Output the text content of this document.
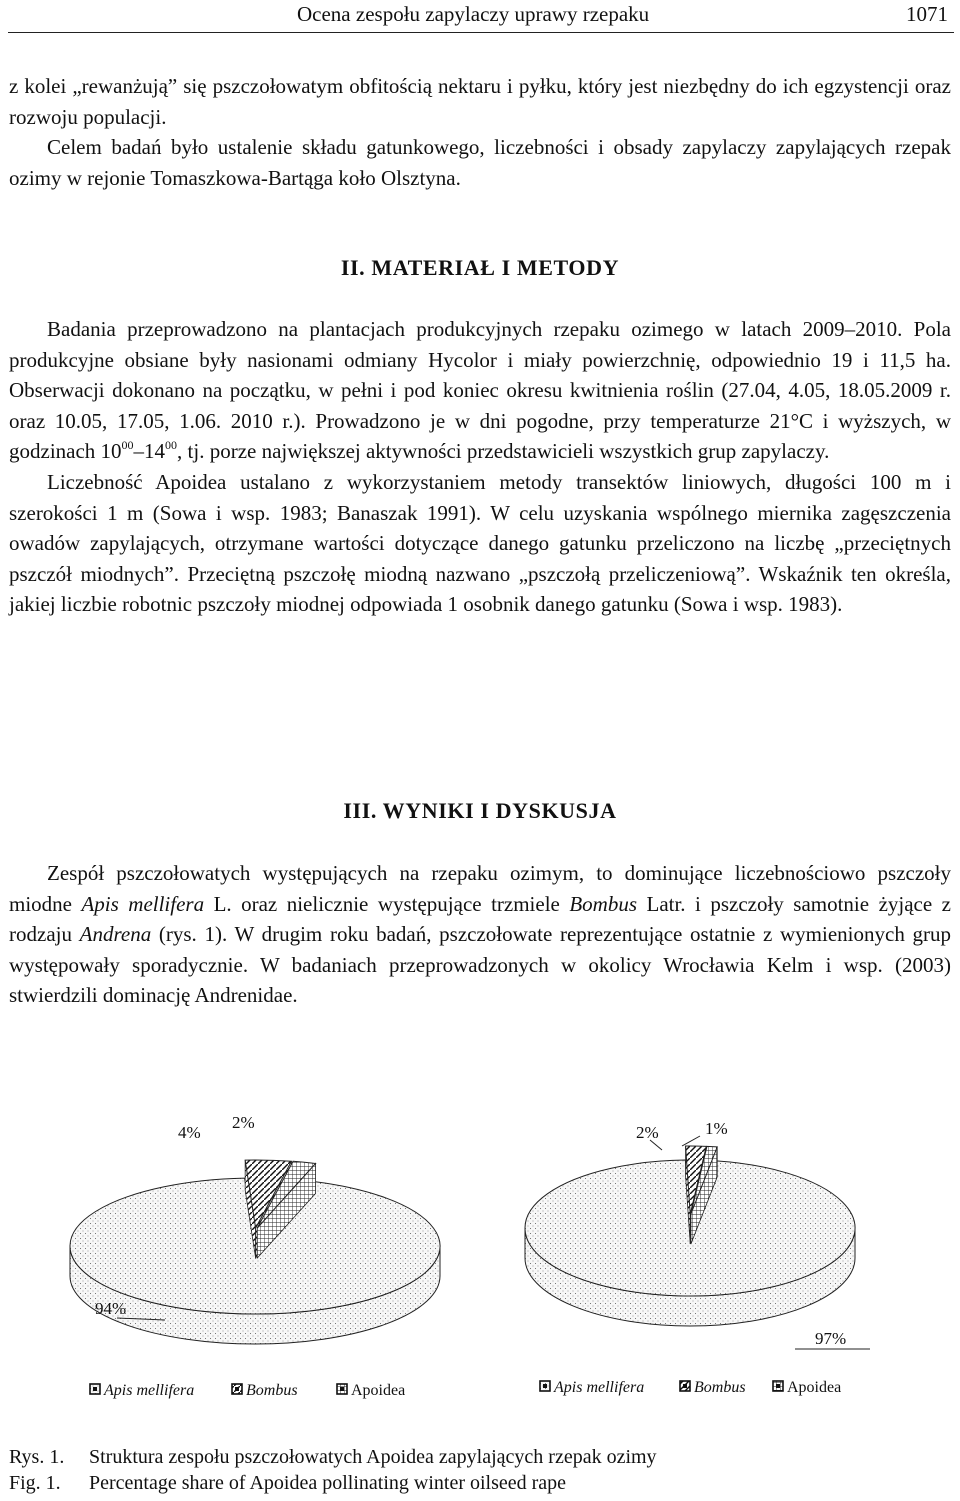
Ocena zespołu zapylaczy uprawy rzepaku	1071

z kolei „rewanżują” się pszczołowatym obfitością nektaru i pyłku, który jest niezbędny do ich egzystencji oraz rozwoju populacji.

Celem badań było ustalenie składu gatunkowego, liczebności i obsady zapylaczy zapylających rzepak ozimy w rejonie Tomaszkowa-Bartąga koło Olsztyna.

II. MATERIAŁ I METODY

Badania przeprowadzono na plantacjach produkcyjnych rzepaku ozimego w latach 2009–2010. Pola produkcyjne obsiane były nasionami odmiany Hycolor i miały powierzchnię, odpowiednio 19 i 11,5 ha. Obserwacji dokonano na początku, w pełni i pod koniec okresu kwitnienia roślin (27.04, 4.05, 18.05.2009 r. oraz 10.05, 17.05, 1.06. 2010 r.). Prowadzono je w dni pogodne, przy temperaturze 21°C i wyższych, w godzinach $10^{00}-14^{00}$, tj. porze największej aktywności przedstawicieli wszystkich grup zapylaczy.

Liczebność Apoidea ustalano z wykorzystaniem metody transektów liniowych, długości 100 m i szerokości 1 m (Sowa i wsp. 1983; Banaszak 1991). W celu uzyskania wspólnego miernika zagęszczenia owadów zapylających, otrzymane wartości dotyczące danego gatunku przeliczono na liczbę „przeciętnych pszczół miodnych”. Przeciętną pszczołę miodną nazwano „pszczołą przeliczeniową”. Wskaźnik ten określa, jakiej liczbie robotnic pszczoły miodnej odpowiada 1 osobnik danego gatunku (Sowa i wsp. 1983).

III. WYNIKI I DYSKUSJA

Zespół pszczołowatych występujących na rzepaku ozimym, to dominujące liczebnościowo pszczoły miodne Apis mellifera L. oraz nielicznie występujące trzmiele Bombus Latr. i pszczoły samotnie żyjące z rodzaju Andrena (rys. 1). W drugim roku badań, pszczołowate reprezentujące ostatnie z wymienionych grup występowały sporadycznie. W badaniach przeprowadzonych w okolicy Wrocławia Kelm i wsp. (2003) stwierdzili dominację Andrenidae.

94%
4%
2%
97%
2%	1%
Apis mellifera	Bombus	Apoidea	Apis mellifera	Bombus	Apoidea
Rys. 1. Struktura zespołu pszczołowatych Apoidea zapylających rzepak ozimy
Fig. 1. Percentage share of Apoidea pollinating winter oilseed rape
